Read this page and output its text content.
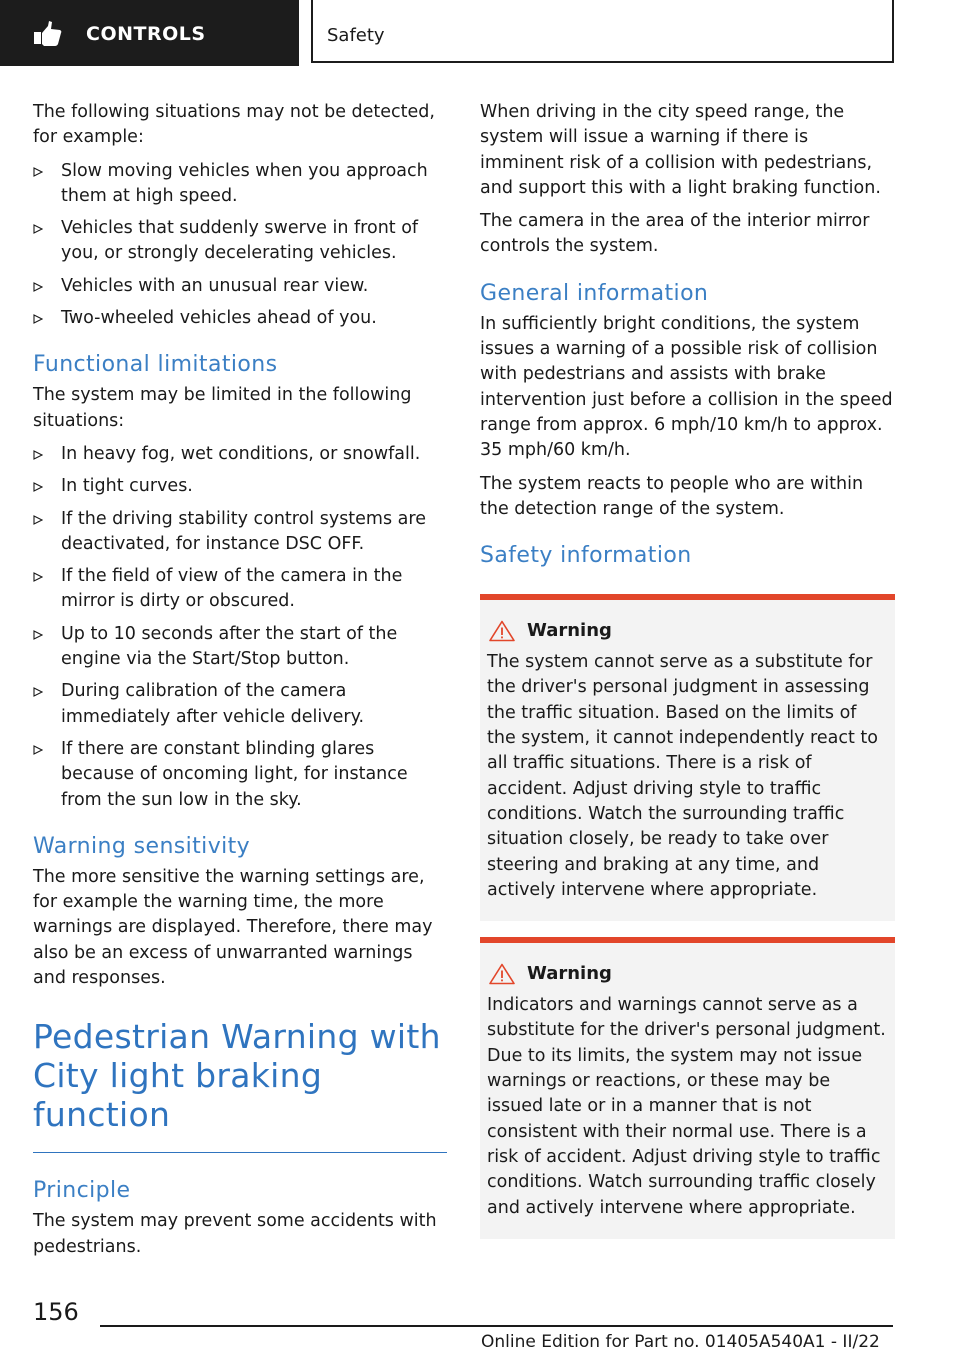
CONTROLS	Safety

The following situations may not be detected, for example:

Slow moving vehicles when you approach them at high speed.
Vehicles that suddenly swerve in front of you, or strongly decelerating vehicles.
Vehicles with an unusual rear view.
Two-wheeled vehicles ahead of you.
Functional limitations

The system may be limited in the following situations:

In heavy fog, wet conditions, or snowfall.
In tight curves.
If the driving stability control systems are deactivated, for instance DSC OFF.
If the field of view of the camera in the mirror is dirty or obscured.
Up to 10 seconds after the start of the engine via the Start/Stop button.
During calibration of the camera immediately after vehicle delivery.
If there are constant blinding glares because of oncoming light, for instance from the sun low in the sky.
Warning sensitivity

The more sensitive the warning settings are, for example the warning time, the more warnings are displayed. Therefore, there may also be an excess of unwarranted warnings and responses.

Pedestrian Warning with City light braking function
Principle

The system may prevent some accidents with pedestrians.

When driving in the city speed range, the system will issue a warning if there is imminent risk of a collision with pedestrians, and support this with a light braking function.

The camera in the area of the interior mirror controls the system.

General information

In sufficiently bright conditions, the system issues a warning of a possible risk of collision with pedestrians and assists with brake intervention just before a collision in the speed range from approx. 6 mph/10 km/h to approx. 35 mph/60 km/h.

The system reacts to people who are within the detection range of the system.

Safety information
Warning

The system cannot serve as a substitute for the driver's personal judgment in assessing the traffic situation. Based on the limits of the system, it cannot independently react to all traffic situations. There is a risk of accident. Adjust driving style to traffic conditions. Watch the surrounding traffic situation closely, be ready to take over steering and braking at any time, and actively intervene where appropriate.

Warning

Indicators and warnings cannot serve as a substitute for the driver's personal judgment. Due to its limits, the system may not issue warnings or reactions, or these may be issued late or in a manner that is not consistent with their normal use. There is a risk of accident. Adjust driving style to traffic conditions. Watch surrounding traffic closely and actively intervene where appropriate.

156
Online Edition for Part no. 01405A540A1 - II/22
